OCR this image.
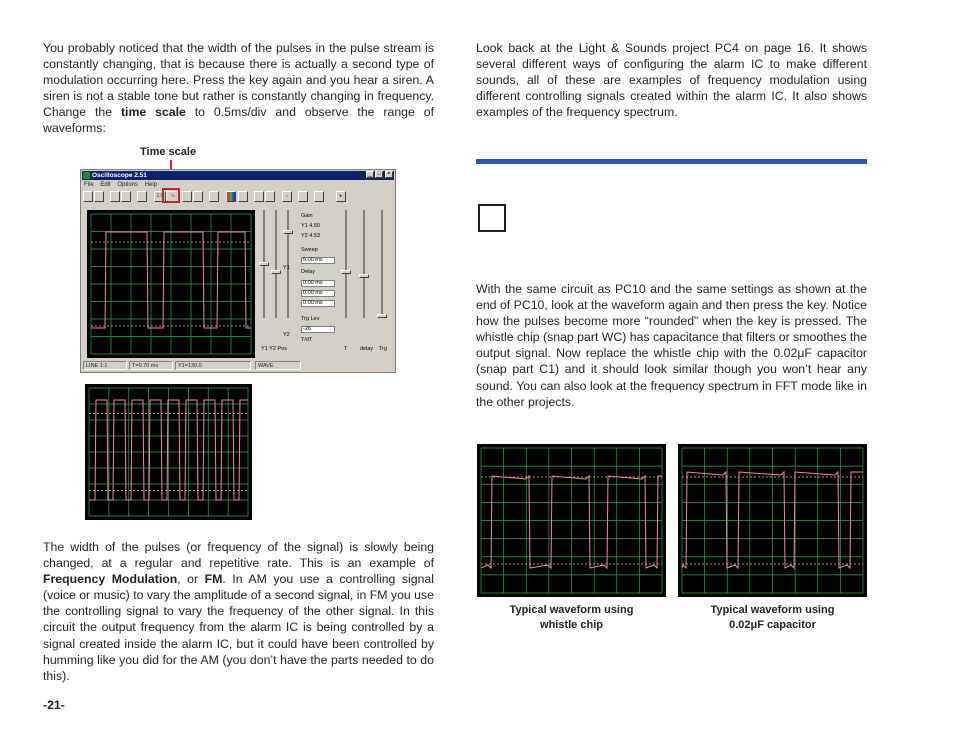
You probably noticed that the width of the pulses in the pulse stream is constantly changing, that is because there is actually a second type of modulation occurring here. Press the key again and you hear a siren. A siren is not a stable tone but rather is constantly changing in frequency. Change the time scale to 0.5ms/div and observe the range of waveforms:

Time scale
Oscilloscope 2.51	_ □	×
File Edit Options Help
1.0	∿	↓	▸
Y1
Y2
Gain
Y1 4.50
Y2 4.53
Sweep
5.00 ms
Delay
0.00 ms
0.00 ms
0.00 ms
Trg Lev
-26
T/dT
Y1 Y2 Pos	T delay Trg
LINE 1:1	T=0.70 ms	Y1=130.0	WAVE

The width of the pulses (or frequency of the signal) is slowly being changed, at a regular and repetitive rate. This is an example of Frequency Modulation, or FM. In AM you use a controlling signal (voice or music) to vary the amplitude of a second signal, in FM you use the controlling signal to vary the frequency of the other signal. In this circuit the output frequency from the alarm IC is being controlled by a signal created inside the alarm IC, but it could have been controlled by humming like you did for the AM (you don’t have the parts needed to do this).

-21-

Look back at the Light & Sounds project PC4 on page 16. It shows several different ways of configuring the alarm IC to make different sounds, all of these are examples of frequency modulation using different controlling signals created within the alarm IC. It also shows examples of the frequency spectrum.

With the same circuit as PC10 and the same settings as shown at the end of PC10, look at the waveform again and then press the key. Notice how the pulses become more “rounded” when the key is pressed. The whistle chip (snap part WC) has capacitance that filters or smoothes the output signal. Now replace the whistle chip with the 0.02μF capacitor (snap part C1) and it should look similar though you won’t hear any sound. You can also look at the frequency spectrum in FFT mode like in the other projects.

Typical waveform using
whistle chip
Typical waveform using
0.02μF capacitor
